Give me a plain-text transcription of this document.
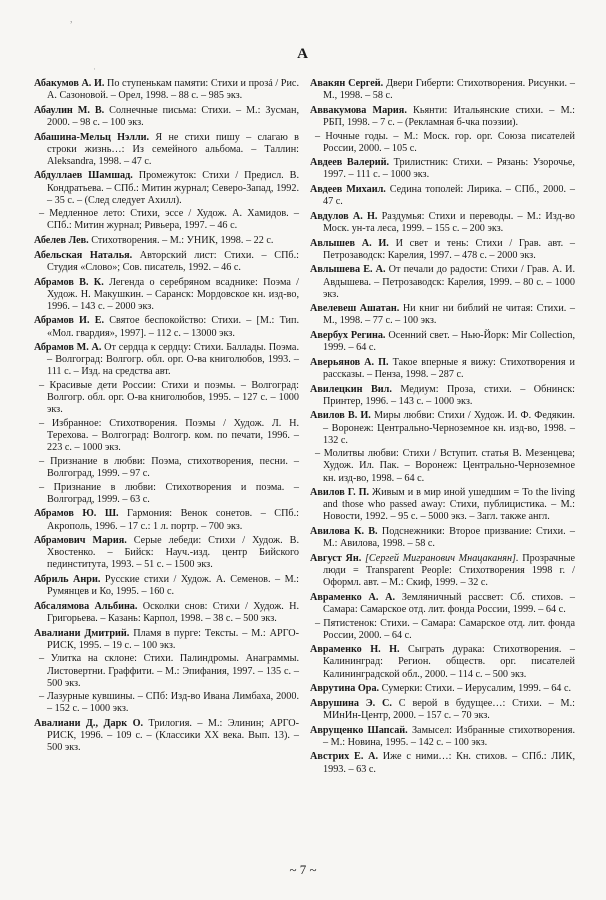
,
·
А

Абакумов А. И. По ступенькам памяти: Стихи и прозá / Рис. А. Сазоновой. – Орел, 1998. – 88 с. – 985 экз.

Абаулин М. В. Солнечные письма: Стихи. – М.: Зусман, 2000. – 98 с. – 100 экз.

Абашина-Мельц Нэлли. Я не стихи пишу – слагаю в строки жизнь…: Из семейного альбома. – Таллин: Aleksandra, 1998. – 47 с.

Абдуллаев Шамшад. Промежуток: Стихи / Предисл. В. Кондратьева. – СПб.: Митин журнал; Северо-Запад, 1992. – 35 с. – (След следует Ахилл).

– Медленное лето: Стихи, эссе / Худож. А. Хамидов. – СПб.: Митин журнал; Ривьера, 1997. – 46 с.

Абелев Лев. Стихотворения. – М.: УНИК, 1998. – 22 с.

Абельская Наталья. Авторский лист: Стихи. – СПб.: Студия «Слово»; Сов. писатель, 1992. – 46 с.

Абрамов В. К. Легенда о серебряном всаднике: Поэма / Худож. Н. Макушкин. – Саранск: Мордовское кн. изд-во, 1996. – 143 с. – 2000 экз.

Абрамов И. Е. Святое беспокойство: Стихи. – [М.: Тип. «Мол. гвардия», 1997]. – 112 с. – 13000 экз.

Абрамов М. А. От сердца к сердцу: Стихи. Баллады. Поэма. – Волгоград: Волгогр. обл. орг. О-ва книголюбов, 1993. – 111 с. – Изд. на средства авт.

– Красивые дети России: Стихи и поэмы. – Волгоград: Волгогр. обл. орг. О-ва книголюбов, 1995. – 127 с. – 1000 экз.

– Избранное: Стихотворения. Поэмы / Худож. Л. Н. Терехова. – Волгоград: Волгогр. ком. по печати, 1996. – 223 с. – 1000 экз.

– Признание в любви: Поэма, стихотворения, песни. – Волгоград, 1999. – 97 с.

– Признание в любви: Стихотворения и поэма. – Волгоград, 1999. – 63 с.

Абрамов Ю. Ш. Гармония: Венок сонетов. – СПб.: Акрополь, 1996. – 17 с.: 1 л. портр. – 700 экз.

Абрамович Мария. Серые лебеди: Стихи / Худож. В. Хвостенко. – Бийск: Науч.-изд. центр Бийского пединститута, 1993. – 51 с. – 1500 экз.

Абриль Анри. Русские стихи / Худож. А. Семенов. – М.: Румянцев и Ко, 1995. – 160 с.

Абсалямова Альбина. Осколки снов: Стихи / Худож. Н. Григорьева. – Казань: Карпол, 1998. – 38 с. – 500 экз.

Авалиани Дмитрий. Пламя в пурге: Тексты. – М.: АРГО-РИСК, 1995. – 19 с. – 100 экз.

– Улитка на склоне: Стихи. Палиндромы. Анаграммы. Листовертни. Граффити. – М.: Эпифания, 1997. – 135 с. – 500 экз.

– Лазурные кувшины. – СПб: Изд-во Ивана Лимбаха, 2000. – 152 с. – 1000 экз.

Авалиани Д., Дарк О. Трилогия. – М.: Элинин; АРГО-РИСК, 1996. – 109 с. – (Классики XX века. Вып. 13). – 500 экз.

Авакян Сергей. Двери Гиберти: Стихотворения. Рисунки. – М., 1998. – 58 с.

Аввакумова Мария. Кьянти: Итальянские стихи. – М.: РБП, 1998. – 7 с. – (Рекламная б-чка поэзии).

– Ночные годы. – М.: Моск. гор. орг. Союза писателей России, 2000. – 105 с.

Авдеев Валерий. Трилистник: Стихи. – Рязань: Узорочье, 1997. – 111 с. – 1000 экз.

Авдеев Михаил. Седина тополей: Лирика. – СПб., 2000. – 47 с.

Авдулов А. Н. Раздумья: Стихи и переводы. – М.: Изд-во Моск. ун-та леса, 1999. – 155 с. – 200 экз.

Авлышев А. И. И свет и тень: Стихи / Грав. авт. – Петрозаводск: Карелия, 1997. – 478 с. – 2000 экз.

Авлышева Е. А. От печали до радости: Стихи / Грав. А. И. Авдышева. – Петрозаводск: Карелия, 1999. – 80 с. – 1000 экз.

Авелевеш Ашатан. Ни книг ни библий не читая: Стихи. – М., 1998. – 77 с. – 100 экз.

Авербух Регина. Осенний свет. – Нью-Йорк: Mir Collection, 1999. – 64 с.

Аверьянов А. П. Такое вперные я вижу: Стихотворения и рассказы. – Пенза, 1998. – 287 с.

Авилецкин Вил. Медиум: Проза, стихи. – Обнинск: Принтер, 1996. – 143 с. – 1000 экз.

Авилов В. И. Миры любви: Стихи / Худож. И. Ф. Федякин. – Воронеж: Центрально-Черноземное кн. изд-во, 1998. – 132 с.

– Молитвы любви: Стихи / Вступит. статья В. Мезенцева; Худож. Ил. Пак. – Воронеж: Центрально-Черноземное кн. изд-во, 1998. – 64 с.

Авилов Г. П. Живым и в мир иной ушедшим = To the living and those who passed away: Стихи, публицистика. – М.: Новости, 1992. – 95 с. – 5000 экз. – Загл. также англ.

Авилова К. В. Подснежники: Второе призвание: Стихи. – М.: Авилова, 1998. – 58 с.

Август Ян. [Сергей Мигранович Мнацаканян]. Прозрачные люди = Transparent People: Стихотворения 1998 г. / Оформл. авт. – М.: Скиф, 1999. – 32 с.

Авраменко А. А. Земляничный рассвет: Сб. стихов. – Самара: Самарское отд. лит. фонда России, 1999. – 64 с.

– Пятистенок: Стихи. – Самара: Самарское отд. лит. фонда России, 2000. – 64 с.

Авраменко Н. Н. Сыграть дурака: Стихотворения. – Калининград: Регион. обществ. орг. писателей Калининградской обл., 2000. – 114 с. – 500 экз.

Аврутина Ора. Сумерки: Стихи. – Иерусалим, 1999. – 64 с.

Аврушина Э. С. С верой в будущее…: Стихи. – М.: МИнИн-Центр, 2000. – 157 с. – 70 экз.

Аврущенко Шапсай. Замысел: Избранные стихотворения. – М.: Новина, 1995. – 142 с. – 100 экз.

Австрих Е. А. Иже с ними…: Кн. стихов. – СПб.: ЛИК, 1993. – 63 с.

~ 7 ~
